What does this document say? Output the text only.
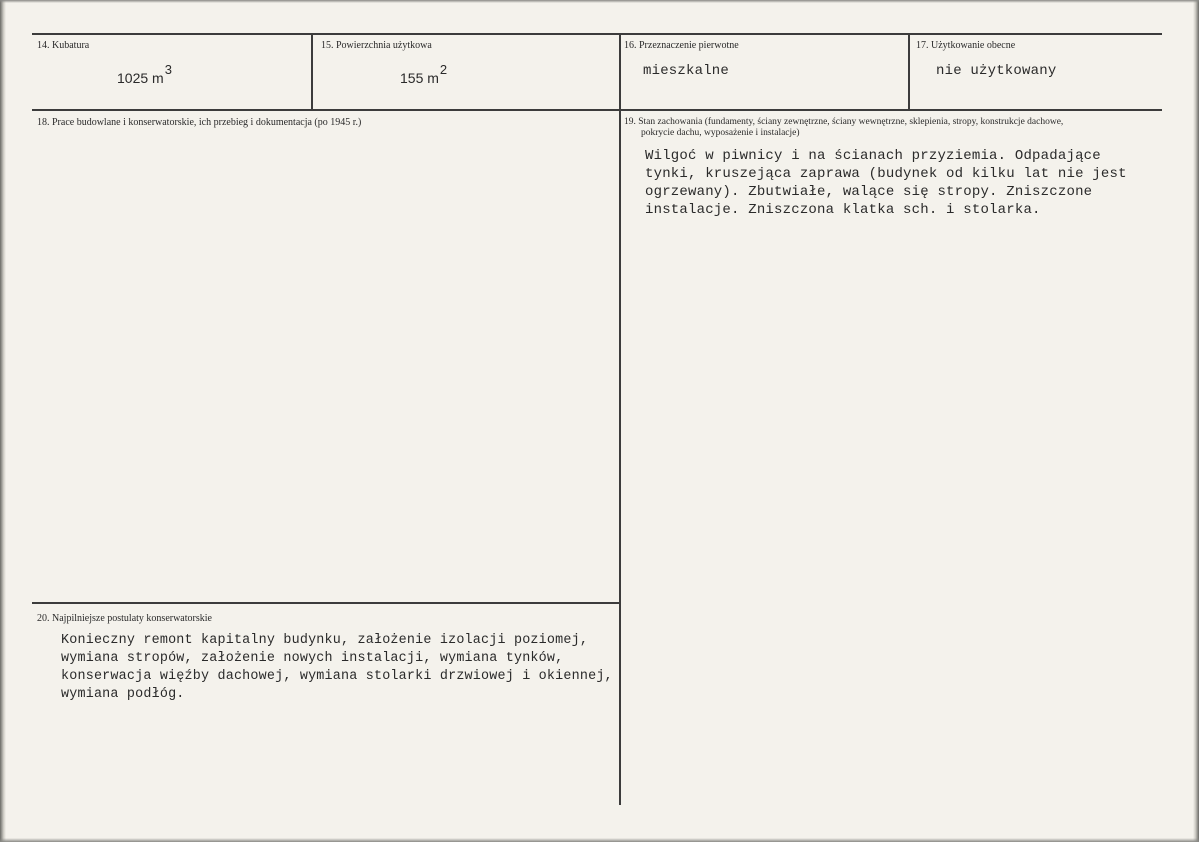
14. Kubatura
1025 $m^3$
15. Powierzchnia użytkowa
155 $m^2$
16. Przeznaczenie pierwotne
mieszkalne
17. Użytkowanie obecne
nie użytkowany
18. Prace budowlane i konserwatorskie, ich przebieg i dokumentacja (po 1945 r.)	19. Stan zachowania (fundamenty, ściany zewnętrzne, ściany wewnętrzne, sklepienia, stropy, konstrukcje dachowe,
pokrycie dachu, wyposażenie i instalacje)
Wilgoć w piwnicy i na ścianach przyziemia. Odpadające
tynki, kruszejąca zaprawa (budynek od kilku lat nie jest
ogrzewany). Zbutwiałe, walące się stropy. Zniszczone
instalacje. Zniszczona klatka sch. i stolarka.
20. Najpilniejsze postulaty konserwatorskie
Konieczny remont kapitalny budynku, założenie izolacji poziomej,
wymiana stropów, założenie nowych instalacji, wymiana tynków,
konserwacja więźby dachowej, wymiana stolarki drzwiowej i okiennej,
wymiana podłóg.
